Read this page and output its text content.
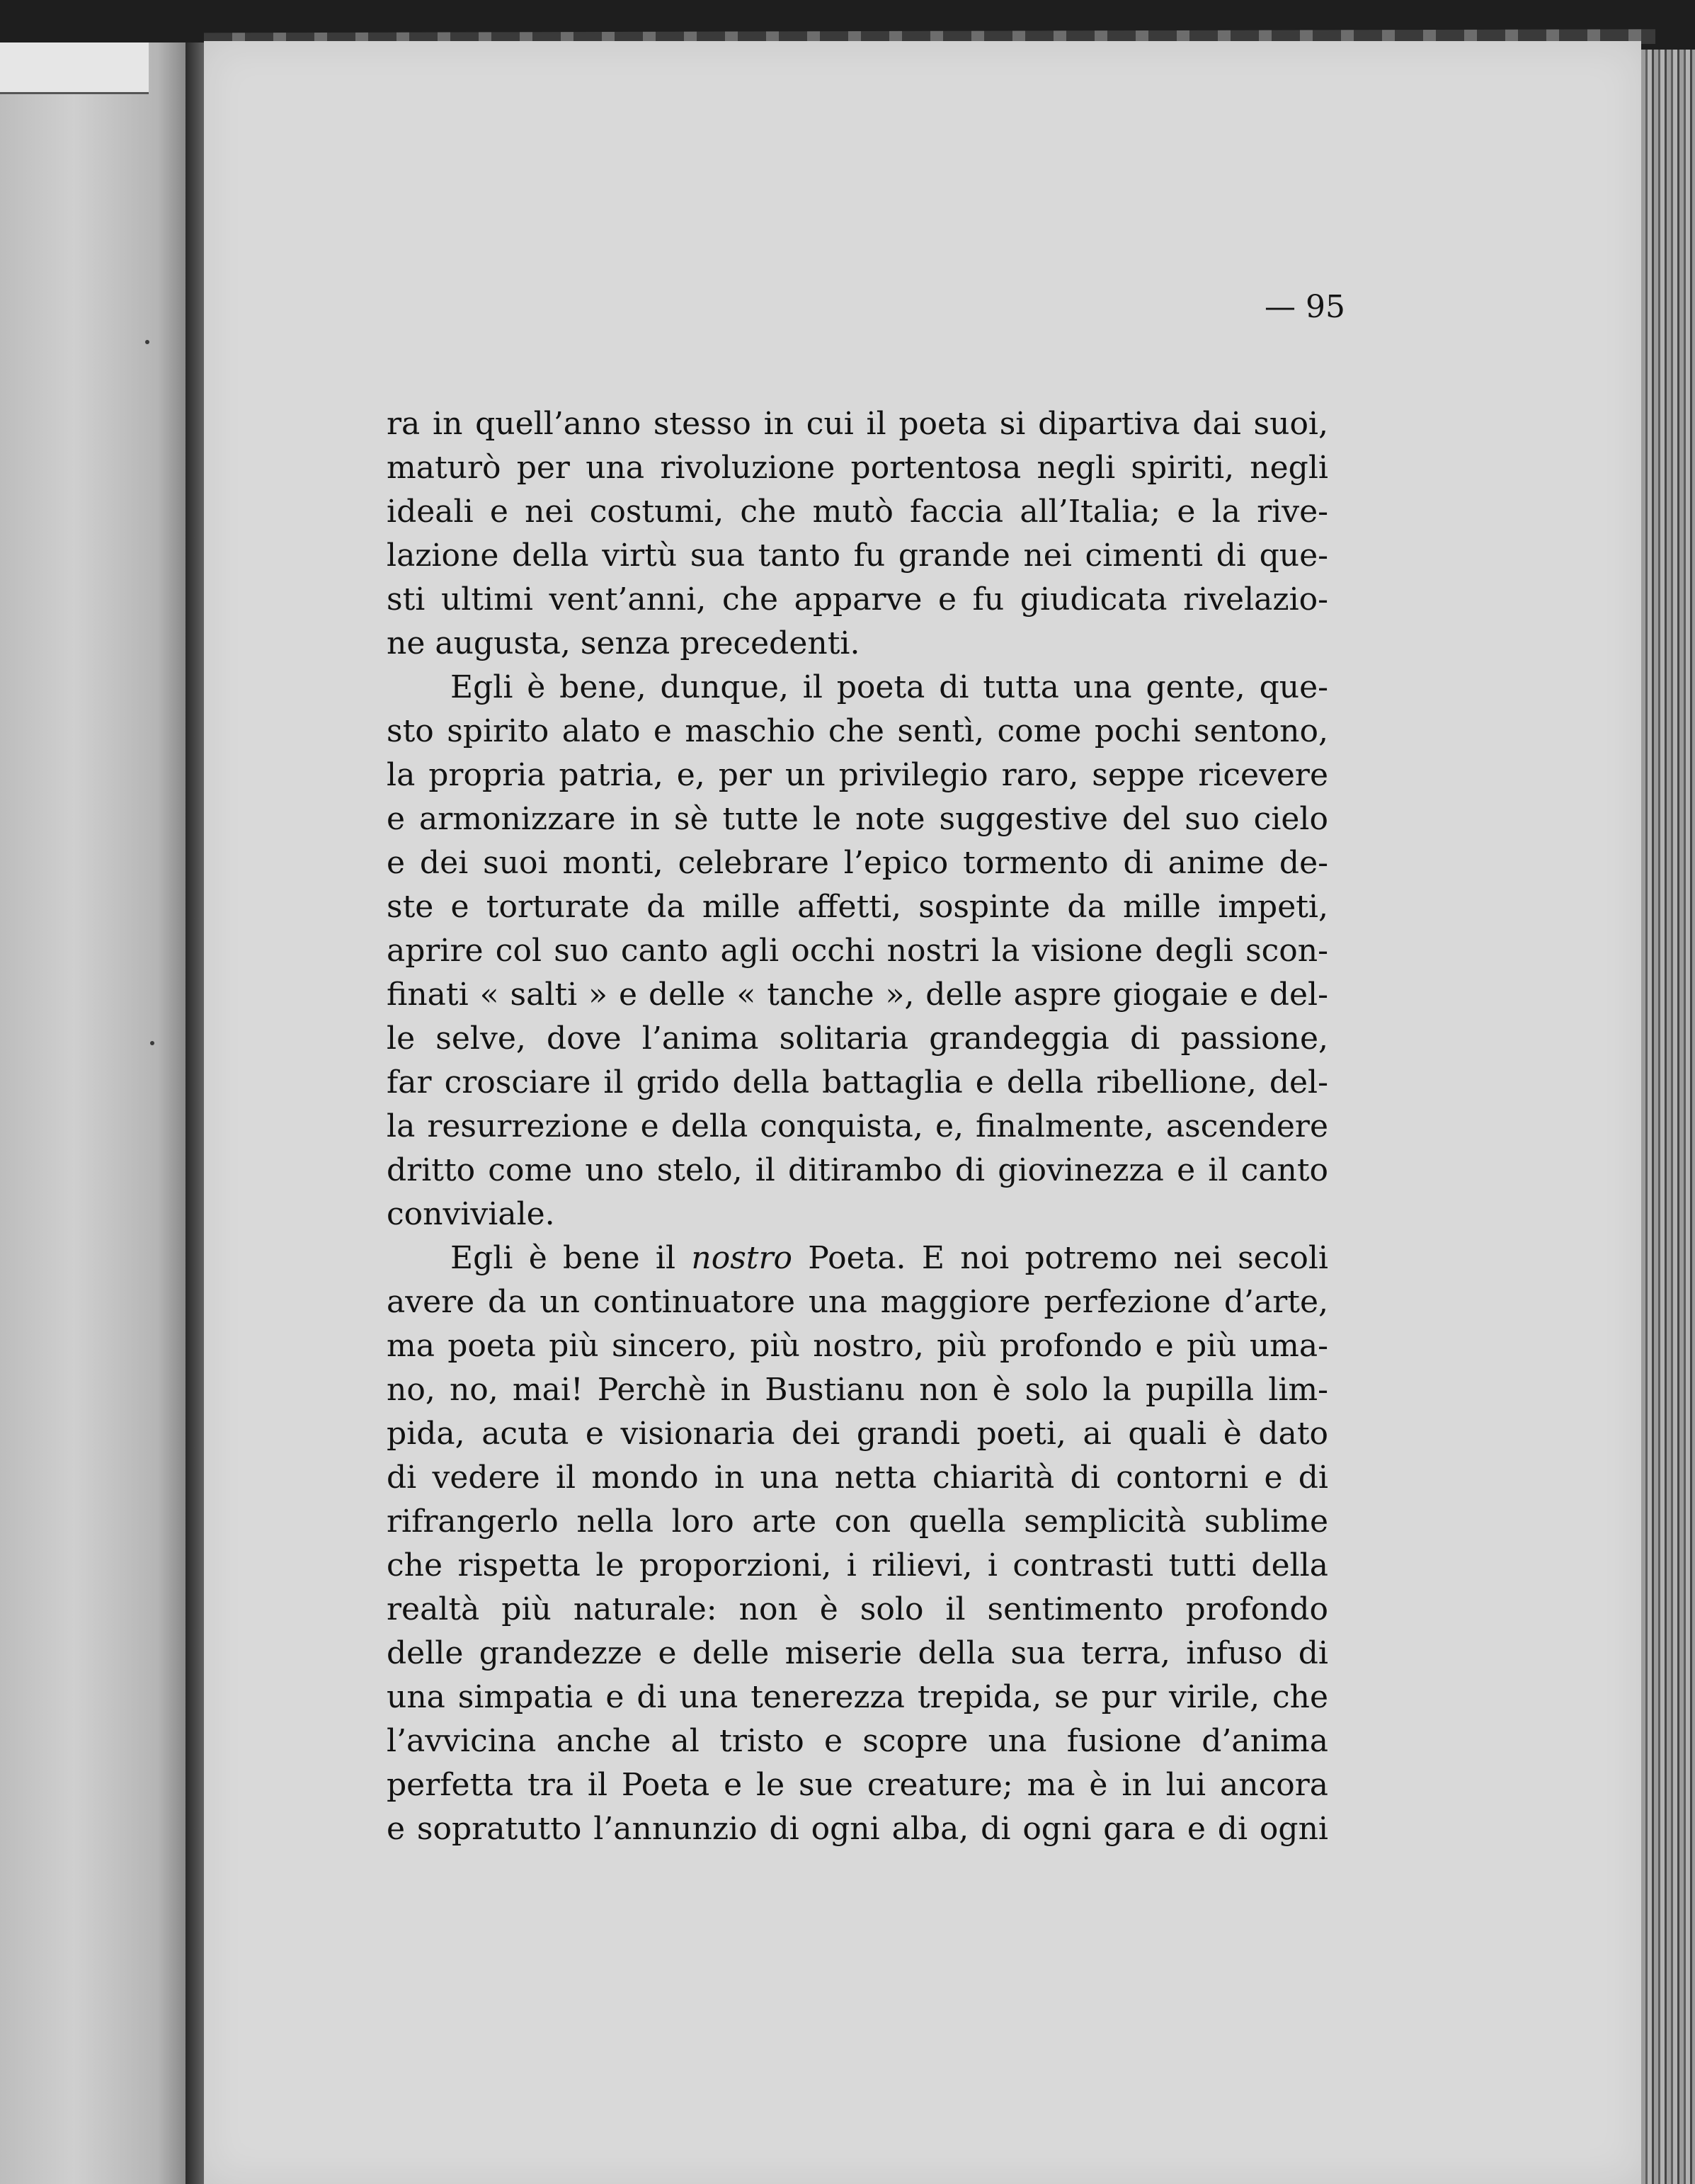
— 95
ra in quell’anno stesso in cui il poeta si dipartiva dai suoi,
maturò per una rivoluzione portentosa negli spiriti, negli
ideali e nei costumi, che mutò faccia all’Italia; e la rive-
lazione della virtù sua tanto fu grande nei cimenti di que-
sti ultimi vent’anni, che apparve e fu giudicata rivelazio-
ne augusta, senza precedenti.
Egli è bene, dunque, il poeta di tutta una gente, que-
sto spirito alato e maschio che sentì, come pochi sentono,
la propria patria, e, per un privilegio raro, seppe ricevere
e armonizzare in sè tutte le note suggestive del suo cielo
e dei suoi monti, celebrare l’epico tormento di anime de-
ste e torturate da mille affetti, sospinte da mille impeti,
aprire col suo canto agli occhi nostri la visione degli scon-
finati « salti » e delle « tanche », delle aspre giogaie e del-
le selve, dove l’anima solitaria grandeggia di passione,
far crosciare il grido della battaglia e della ribellione, del-
la resurrezione e della conquista, e, finalmente, ascendere
dritto come uno stelo, il ditirambo di giovinezza e il canto
conviviale.
Egli è bene il nostro Poeta. E noi potremo nei secoli
avere da un continuatore una maggiore perfezione d’arte,
ma poeta più sincero, più nostro, più profondo e più uma-
no, no, mai! Perchè in Bustianu non è solo la pupilla lim-
pida, acuta e visionaria dei grandi poeti, ai quali è dato
di vedere il mondo in una netta chiarità di contorni e di
rifrangerlo nella loro arte con quella semplicità sublime
che rispetta le proporzioni, i rilievi, i contrasti tutti della
realtà più naturale: non è solo il sentimento profondo
delle grandezze e delle miserie della sua terra, infuso di
una simpatia e di una tenerezza trepida, se pur virile, che
l’avvicina anche al tristo e scopre una fusione d’anima
perfetta tra il Poeta e le sue creature; ma è in lui ancora
e sopratutto l’annunzio di ogni alba, di ogni gara e di ogni
